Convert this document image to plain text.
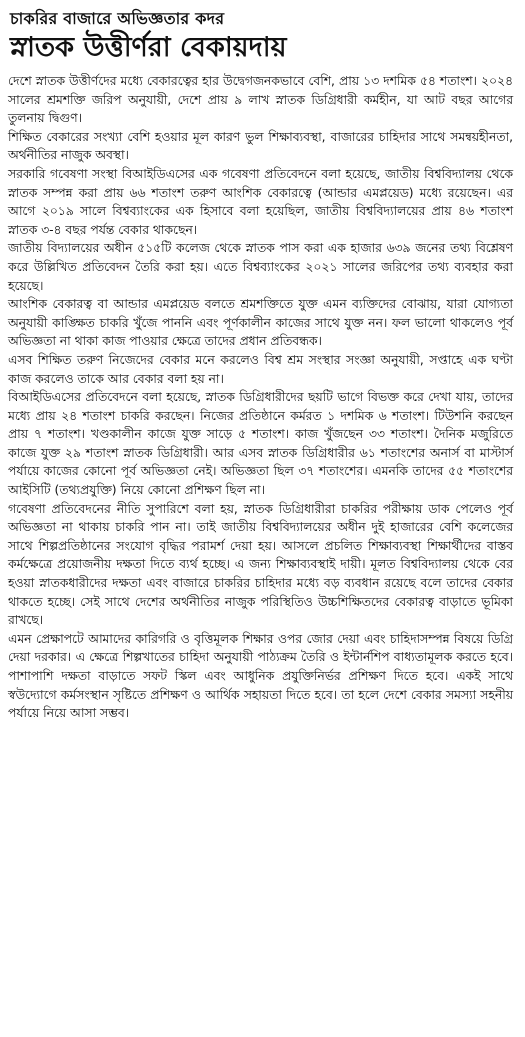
চাকরির বাজারে অভিজ্ঞতার কদর
স্নাতক উত্তীর্ণরা বেকায়দায়

দেশে স্নাতক উত্তীর্ণদের মধ্যে বেকারত্বের হার উদ্বেগজনকভাবে বেশি, প্রায় ১৩ দশমিক ৫৪ শতাংশ। ২০২৪ সালের শ্রমশক্তি জরিপ অনুযায়ী, দেশে প্রায় ৯ লাখ স্নাতক ডিগ্রিধারী কর্মহীন, যা আট বছর আগের তুলনায় দ্বিগুণ।

শিক্ষিত বেকারের সংখ্যা বেশি হওয়ার মূল কারণ ভুল শিক্ষাব্যবস্থা, বাজারের চাহিদার সাথে সমন্বয়হীনতা, অর্থনীতির নাজুক অবস্থা।

সরকারি গবেষণা সংস্থা বিআইডিএসের এক গবেষণা প্রতিবেদনে বলা হয়েছে, জাতীয় বিশ্ববিদ্যালয় থেকে স্নাতক সম্পন্ন করা প্রায় ৬৬ শতাংশ তরুণ আংশিক বেকারত্বে (আন্ডার এমপ্লয়েড) মধ্যে রয়েছেন। এর আগে ২০১৯ সালে বিশ্বব্যাংকের এক হিসাবে বলা হয়েছিল, জাতীয় বিশ্ববিদ্যালয়ের প্রায় ৪৬ শতাংশ স্নাতক ৩-৪ বছর পর্যন্ত বেকার থাকছেন।

জাতীয় বিদ্যালয়ের অধীন ৫১৫টি কলেজ থেকে স্নাতক পাস করা এক হাজার ৬৩৯ জনের তথ্য বিশ্লেষণ করে উল্লিখিত প্রতিবেদন তৈরি করা হয়। এতে বিশ্বব্যাংকের ২০২১ সালের জরিপের তথ্য ব্যবহার করা হয়েছে।

আংশিক বেকারত্ব বা আন্ডার এমপ্লয়েড বলতে শ্রমশক্তিতে যুক্ত এমন ব্যক্তিদের বোঝায়, যারা যোগ্যতা অনুযায়ী কাঙ্ক্ষিত চাকরি খুঁজে পাননি এবং পূর্ণকালীন কাজের সাথে যুক্ত নন। ফল ভালো থাকলেও পূর্ব অভিজ্ঞতা না থাকা কাজ পাওয়ার ক্ষেত্রে তাদের প্রধান প্রতিবন্ধক।

এসব শিক্ষিত তরুণ নিজেদের বেকার মনে করলেও বিশ্ব শ্রম সংস্থার সংজ্ঞা অনুযায়ী, সপ্তাহে এক ঘণ্টা কাজ করলেও তাকে আর বেকার বলা হয় না।

বিআইডিএসের প্রতিবেদনে বলা হয়েছে, স্নাতক ডিগ্রিধারীদের ছয়টি ভাগে বিভক্ত করে দেখা যায়, তাদের মধ্যে প্রায় ২৪ শতাংশ চাকরি করছেন। নিজের প্রতিষ্ঠানে কর্মরত ১ দশমিক ৬ শতাংশ। টিউশনি করছেন প্রায় ৭ শতাংশ। খণ্ডকালীন কাজে যুক্ত সাড়ে ৫ শতাংশ। কাজ খুঁজছেন ৩৩ শতাংশ। দৈনিক মজুরিতে কাজে যুক্ত ২৯ শতাংশ স্নাতক ডিগ্রিধারী। আর এসব স্নাতক ডিগ্রিধারীর ৬১ শতাংশের অনার্স বা মাস্টার্স পর্যায়ে কাজের কোনো পূর্ব অভিজ্ঞতা নেই। অভিজ্ঞতা ছিল ৩৭ শতাংশের। এমনকি তাদের ৫৫ শতাংশের আইসিটি (তথ্যপ্রযুক্তি) নিয়ে কোনো প্রশিক্ষণ ছিল না।

গবেষণা প্রতিবেদনের নীতি সুপারিশে বলা হয়, স্নাতক ডিগ্রিধারীরা চাকরির পরীক্ষায় ডাক পেলেও পূর্ব অভিজ্ঞতা না থাকায় চাকরি পান না। তাই জাতীয় বিশ্ববিদ্যালয়ের অধীন দুই হাজারের বেশি কলেজের সাথে শিল্পপ্রতিষ্ঠানের সংযোগ বৃদ্ধির পরামর্শ দেয়া হয়। আসলে প্রচলিত শিক্ষাব্যবস্থা শিক্ষার্থীদের বাস্তব কর্মক্ষেত্রে প্রয়োজনীয় দক্ষতা দিতে ব্যর্থ হচ্ছে। এ জন্য শিক্ষাব্যবস্থাই দায়ী। মূলত বিশ্ববিদ্যালয় থেকে বের হওয়া স্নাতকধারীদের দক্ষতা এবং বাজারে চাকরির চাহিদার মধ্যে বড় ব্যবধান রয়েছে বলে তাদের বেকার থাকতে হচ্ছে। সেই সাথে দেশের অর্থনীতির নাজুক পরিস্থিতিও উচ্চশিক্ষিতদের বেকারত্ব বাড়াতে ভূমিকা রাখছে।

এমন প্রেক্ষাপটে আমাদের কারিগরি ও বৃত্তিমূলক শিক্ষার ওপর জোর দেয়া এবং চাহিদাসম্পন্ন বিষয়ে ডিগ্রি দেয়া দরকার। এ ক্ষেত্রে শিল্পখাতের চাহিদা অনুযায়ী পাঠ্যক্রম তৈরি ও ইন্টার্নশিপ বাধ্যতামূলক করতে হবে। পাশাপাশি দক্ষতা বাড়াতে সফট স্কিল এবং আধুনিক প্রযুক্তিনির্ভর প্রশিক্ষণ দিতে হবে। একই সাথে স্বউদ্যোগে কর্মসংস্থান সৃষ্টিতে প্রশিক্ষণ ও আর্থিক সহায়তা দিতে হবে। তা হলে দেশে বেকার সমস্যা সহনীয় পর্যায়ে নিয়ে আসা সম্ভব।
